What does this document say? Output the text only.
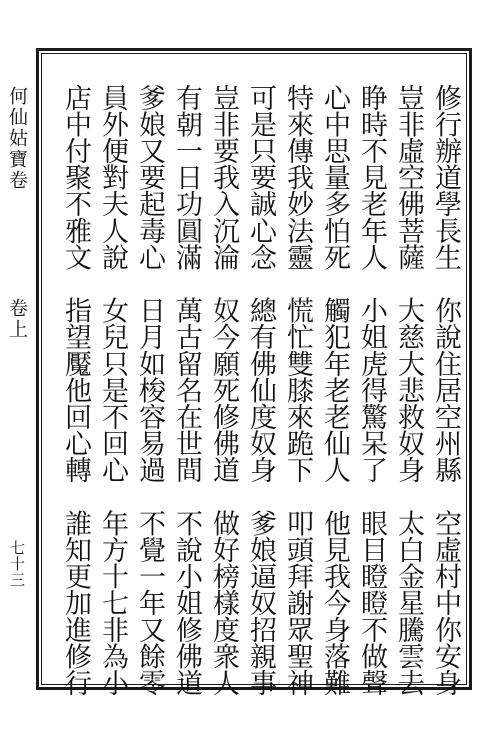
何仙姑寶卷
卷上
七十三	修行辦道學長生　你說住居空州縣　空虛村中你安身
豈非虛空佛菩薩　大慈大悲救奴身　太白金星騰雲去
睁時不見老年人　小姐虎得驚呆了　眼目瞪瞪不做聲
心中思量多怕死　觸犯年老老仙人　他見我今身落難
特來傳我妙法靈　慌忙雙膝來跪下　叩頭拜謝眾聖神
可是只要誠心念　總有佛仙度奴身　爹娘逼奴招親事
豈非要我入沉淪　奴今願死修佛道　做好榜樣度衆人
有朝一日功圓滿　萬古留名在世間　不說小姐修佛道
爹娘又要起毒心　日月如梭容易過　不覺一年又餘零
員外便對夫人說　女兒只是不回心　年方十七非為小
店中付聚不雅文　指望魘他回心轉　誰知更加進修行
